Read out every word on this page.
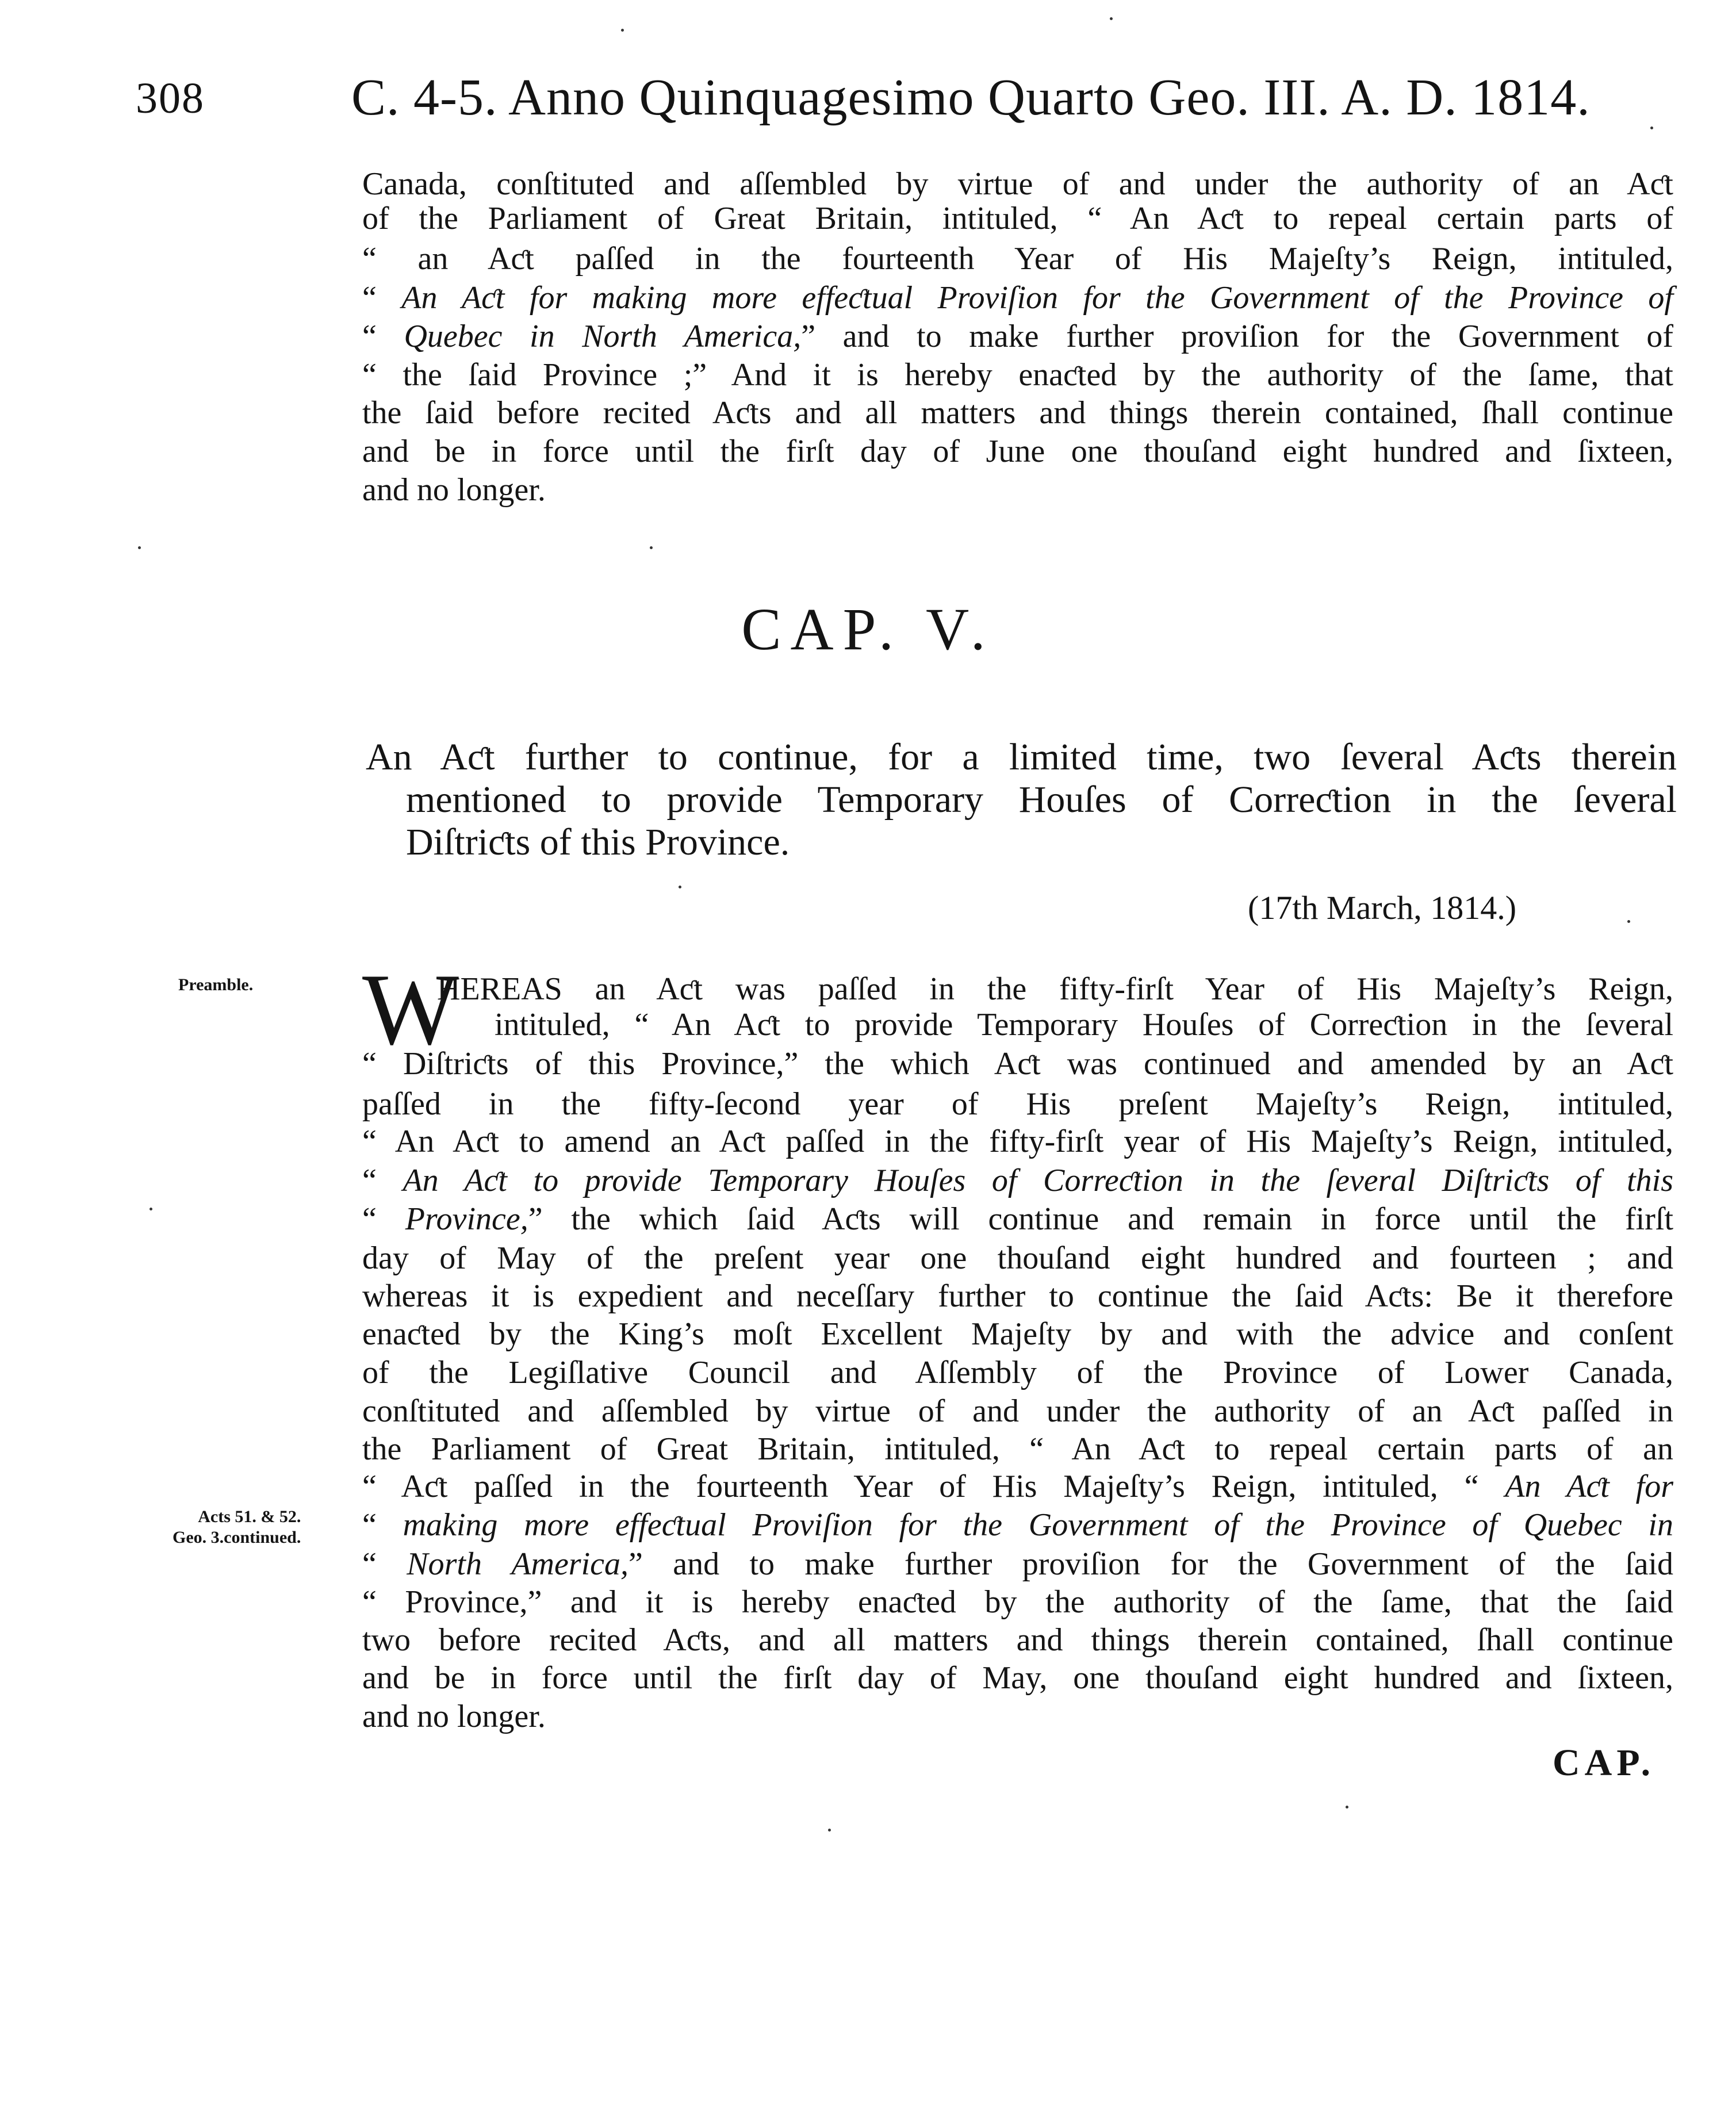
308	C. 4-5. Anno Quinquagesimo Quarto Geo. III. A. D. 1814.
Canada, conſtituted and aſſembled by virtue of and under the authority of an Aƈt
of the Parliament of Great Britain, intituled, “ An Aƈt to repeal certain parts of
“ an Aƈt paſſed in the fourteenth Year of His Majeſty’s Reign, intituled,
“ An Aƈt for making more effeƈtual Proviſion for the Government of the Province of
“ Quebec in North America,” and to make further proviſion for the Government of
“ the ſaid Province ;” And it is hereby enaƈted by the authority of the ſame, that
the ſaid before recited Aƈts and all matters and things therein contained, ſhall continue
and be in force until the firſt day of June one thouſand eight hundred and ſixteen,
and no longer.
CAP. V.
An Aƈt further to continue, for a limited time, two ſeveral Aƈts therein
mentioned to provide Temporary Houſes of Correƈtion in the ſeveral
Diſtriƈts of this Province.
(17th March, 1814.)
Preamble.
Acts 51. & 52.
Geo. 3.continued.
W
HEREAS an Aƈt was paſſed in the fifty-firſt Year of His Majeſty’s Reign,
intituled, “ An Aƈt to provide Temporary Houſes of Correƈtion in the ſeveral
“ Diſtriƈts of this Province,” the which Aƈt was continued and amended by an Aƈt
paſſed in the fifty-ſecond year of His preſent Majeſty’s Reign, intituled,
“ An Aƈt to amend an Aƈt paſſed in the fifty-firſt year of His Majeſty’s Reign, intituled,
“ An Aƈt to provide Temporary Houſes of Correƈtion in the ſeveral Diſtriƈts of this
“ Province,” the which ſaid Aƈts will continue and remain in force until the firſt
day of May of the preſent year one thouſand eight hundred and fourteen ; and
whereas it is expedient and neceſſary further to continue the ſaid Aƈts: Be it therefore
enaƈted by the King’s moſt Excellent Majeſty by and with the advice and conſent
of the Legiſlative Council and Aſſembly of the Province of Lower Canada,
conſtituted and aſſembled by virtue of and under the authority of an Aƈt paſſed in
the Parliament of Great Britain, intituled, “ An Aƈt to repeal certain parts of an
“ Aƈt paſſed in the fourteenth Year of His Majeſty’s Reign, intituled, “ An Aƈt for
“ making more effeƈtual Proviſion for the Government of the Province of Quebec in
“ North America,” and to make further proviſion for the Government of the ſaid
“ Province,” and it is hereby enaƈted by the authority of the ſame, that the ſaid
two before recited Aƈts, and all matters and things therein contained, ſhall continue
and be in force until the firſt day of May, one thouſand eight hundred and ſixteen,
and no longer.
CAP.
